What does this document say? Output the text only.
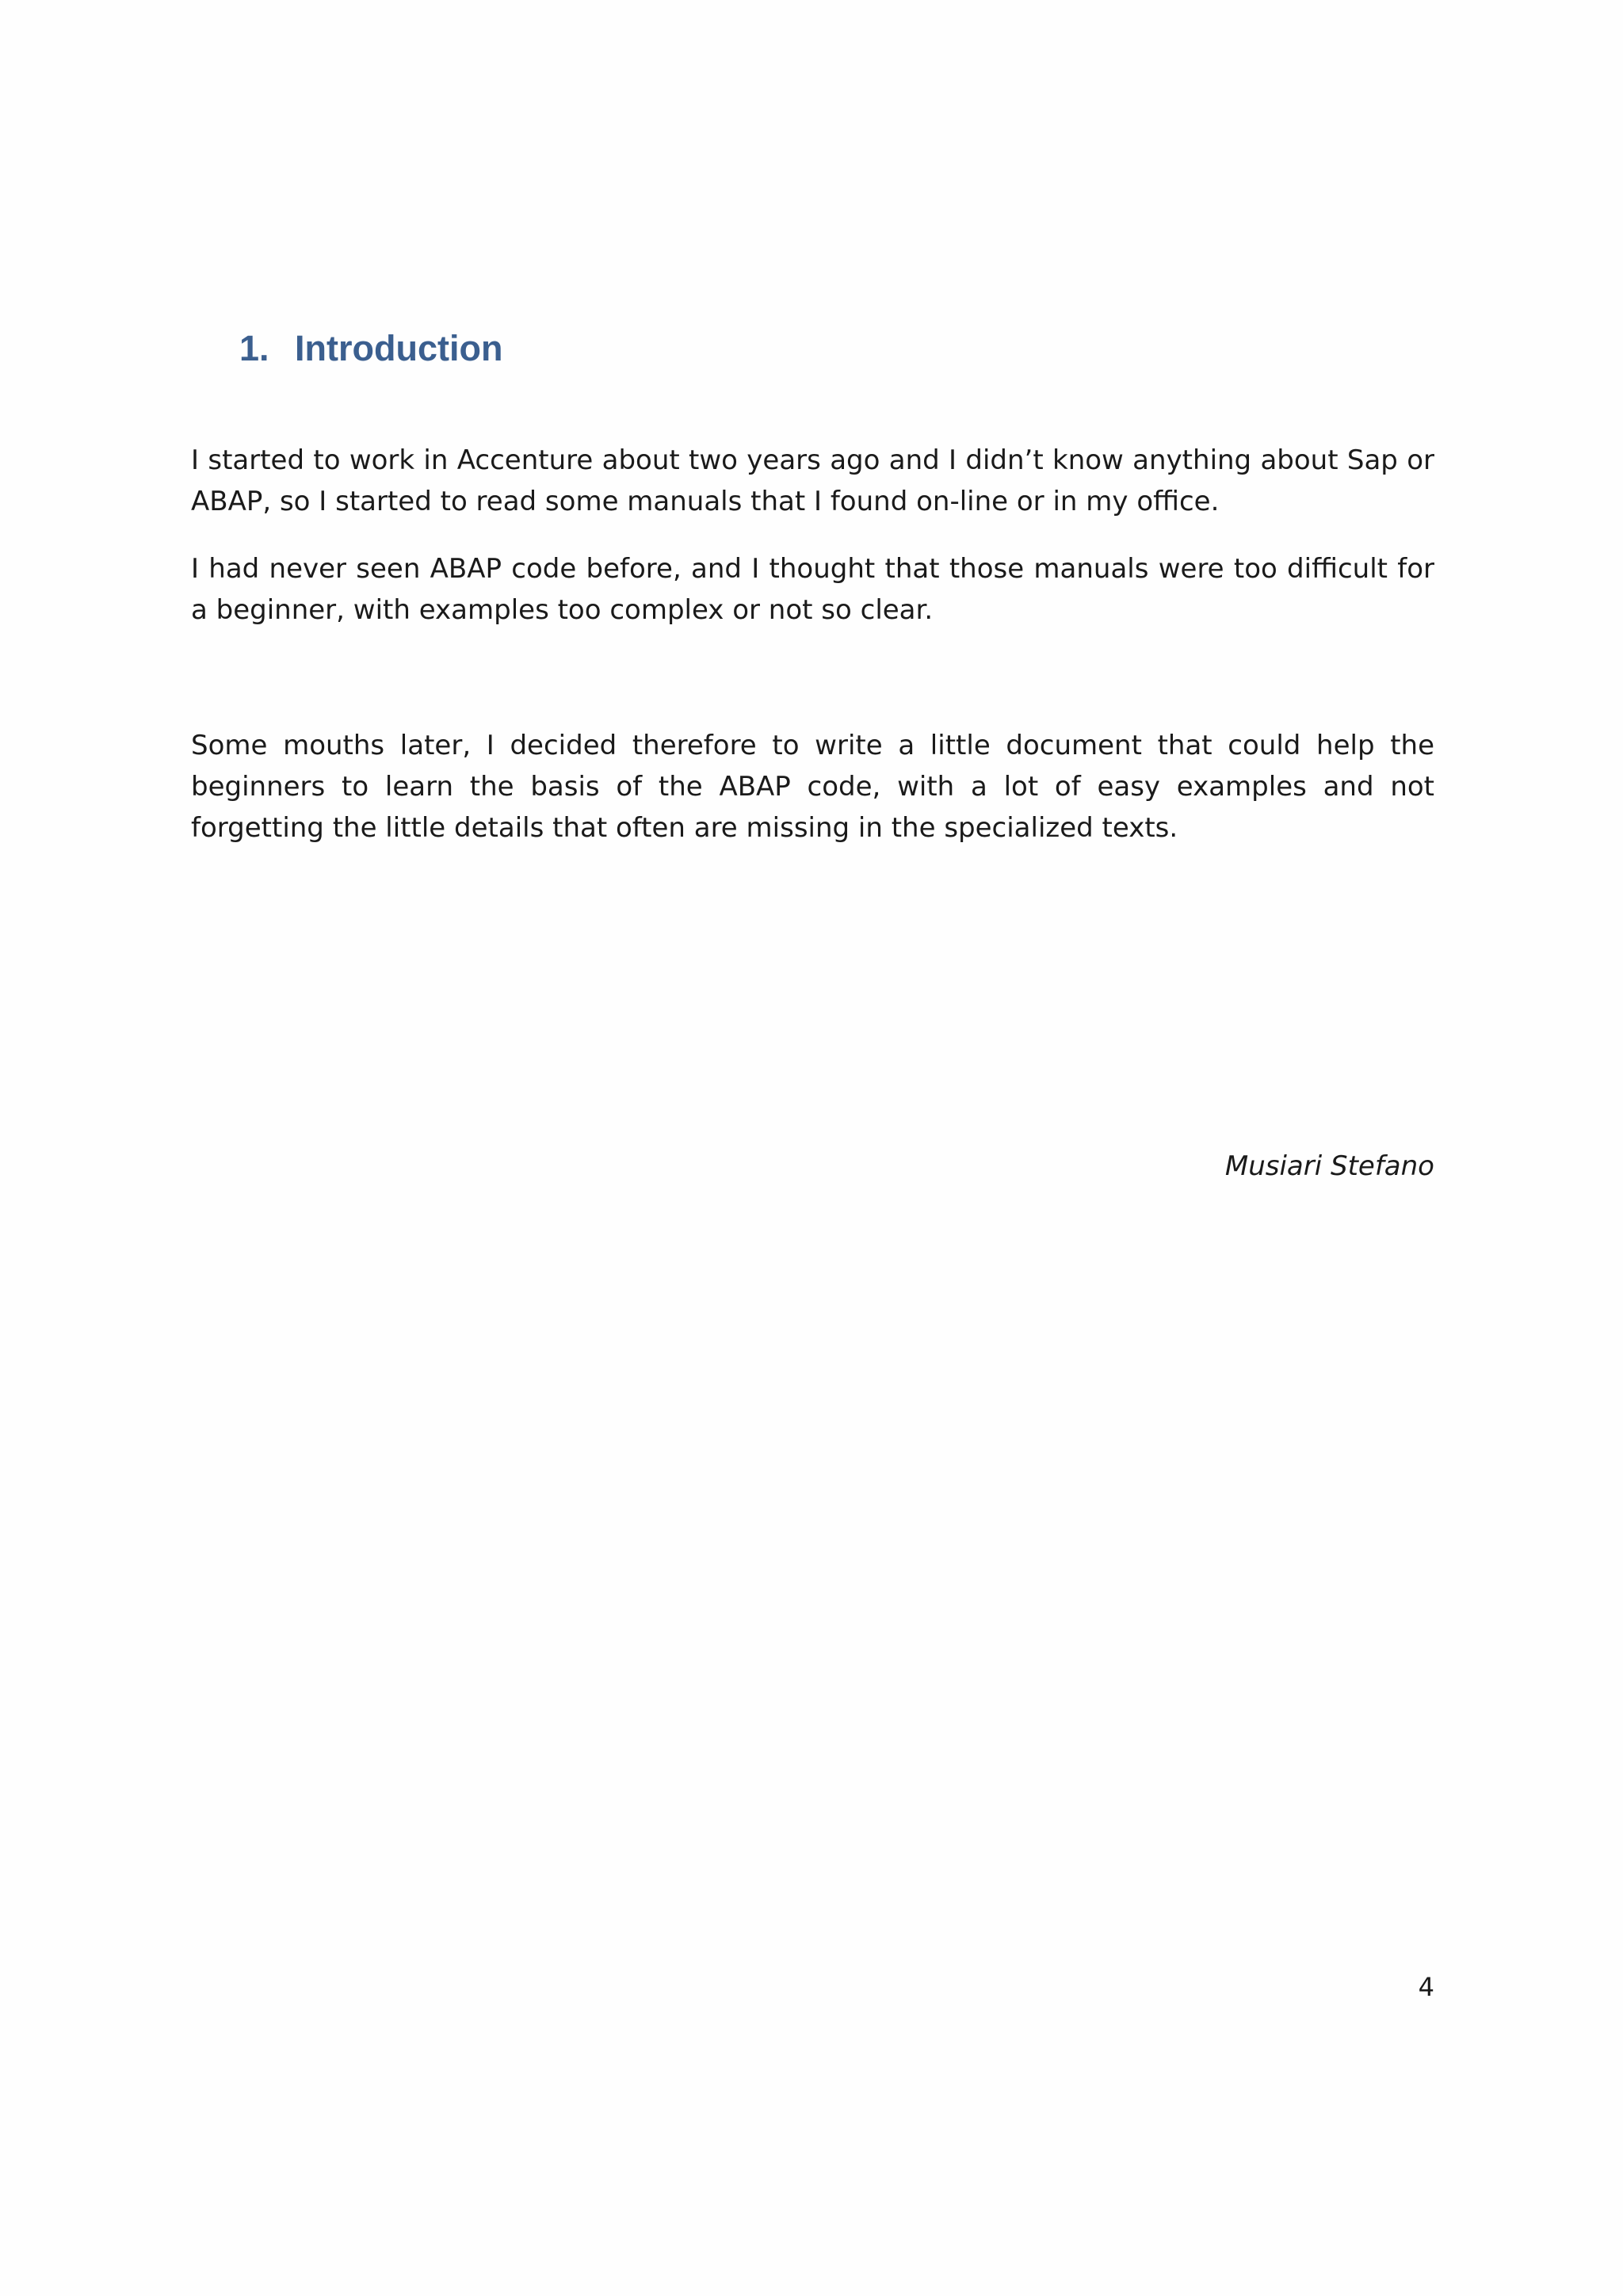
1. Introduction

I started to work in Accenture about two years ago and I didn’t know anything about Sap or ABAP, so I started to read some manuals that I found on-line or in my office.

I had never seen ABAP code before, and I thought that those manuals were too difficult for a beginner, with examples too complex or not so clear.

Some mouths later, I decided therefore to write a little document that could help the beginners to learn the basis of the ABAP code, with a lot of easy examples and not forgetting the little details that often are missing in the specialized texts.

Musiari Stefano

4
